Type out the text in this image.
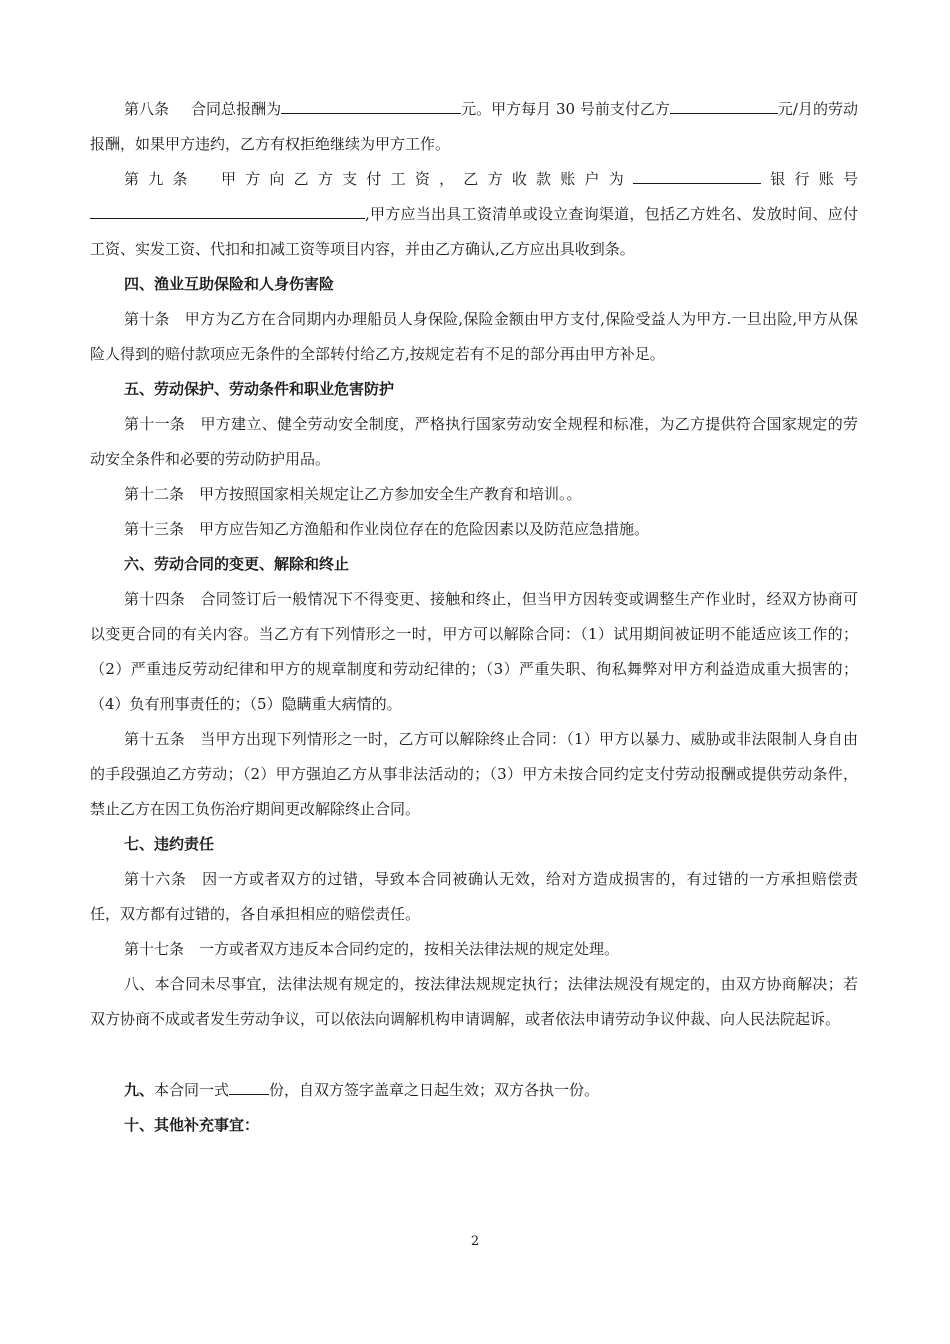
第八条 合同总报酬为	元。甲方每月 30 号前支付乙方	元/月的劳动报酬，如果甲方违约，乙方有权拒绝继续为甲方工作。

第九条　甲方向乙方支付工资，乙方收款账户为	银行账号

,甲方应当出具工资清单或设立查询渠道，包括乙方姓名、发放时间、应付工资、实发工资、代扣和扣减工资等项目内容，并由乙方确认,乙方应出具收到条。

四、渔业互助保险和人身伤害险

第十条　甲方为乙方在合同期内办理船员人身保险,保险金额由甲方支付,保险受益人为甲方.一旦出险,甲方从保险人得到的赔付款项应无条件的全部转付给乙方,按规定若有不足的部分再由甲方补足。

五、劳动保护、劳动条件和职业危害防护

第十一条　甲方建立、健全劳动安全制度，严格执行国家劳动安全规程和标准，为乙方提供符合国家规定的劳动安全条件和必要的劳动防护用品。

第十二条　甲方按照国家相关规定让乙方参加安全生产教育和培训。。

第十三条　甲方应告知乙方渔船和作业岗位存在的危险因素以及防范应急措施。

六、劳动合同的变更、解除和终止

第十四条　合同签订后一般情况下不得变更、接触和终止，但当甲方因转变或调整生产作业时，经双方协商可以变更合同的有关内容。当乙方有下列情形之一时，甲方可以解除合同：（1）试用期间被证明不能适应该工作的；（2）严重违反劳动纪律和甲方的规章制度和劳动纪律的；（3）严重失职、徇私舞弊对甲方利益造成重大损害的；（4）负有刑事责任的；（5）隐瞒重大病情的。

第十五条　当甲方出现下列情形之一时，乙方可以解除终止合同：（1）甲方以暴力、威胁或非法限制人身自由的手段强迫乙方劳动；（2）甲方强迫乙方从事非法活动的；（3）甲方未按合同约定支付劳动报酬或提供劳动条件，禁止乙方在因工负伤治疗期间更改解除终止合同。

七、违约责任

第十六条　因一方或者双方的过错，导致本合同被确认无效，给对方造成损害的，有过错的一方承担赔偿责任，双方都有过错的，各自承担相应的赔偿责任。

第十七条　一方或者双方违反本合同约定的，按相关法律法规的规定处理。

八、本合同未尽事宜，法律法规有规定的，按法律法规规定执行；法律法规没有规定的，由双方协商解决；若双方协商不成或者发生劳动争议，可以依法向调解机构申请调解，或者依法申请劳动争议仲裁、向人民法院起诉。

九、本合同一式	份，自双方签字盖章之日起生效；双方各执一份。

十、其他补充事宜：

2
